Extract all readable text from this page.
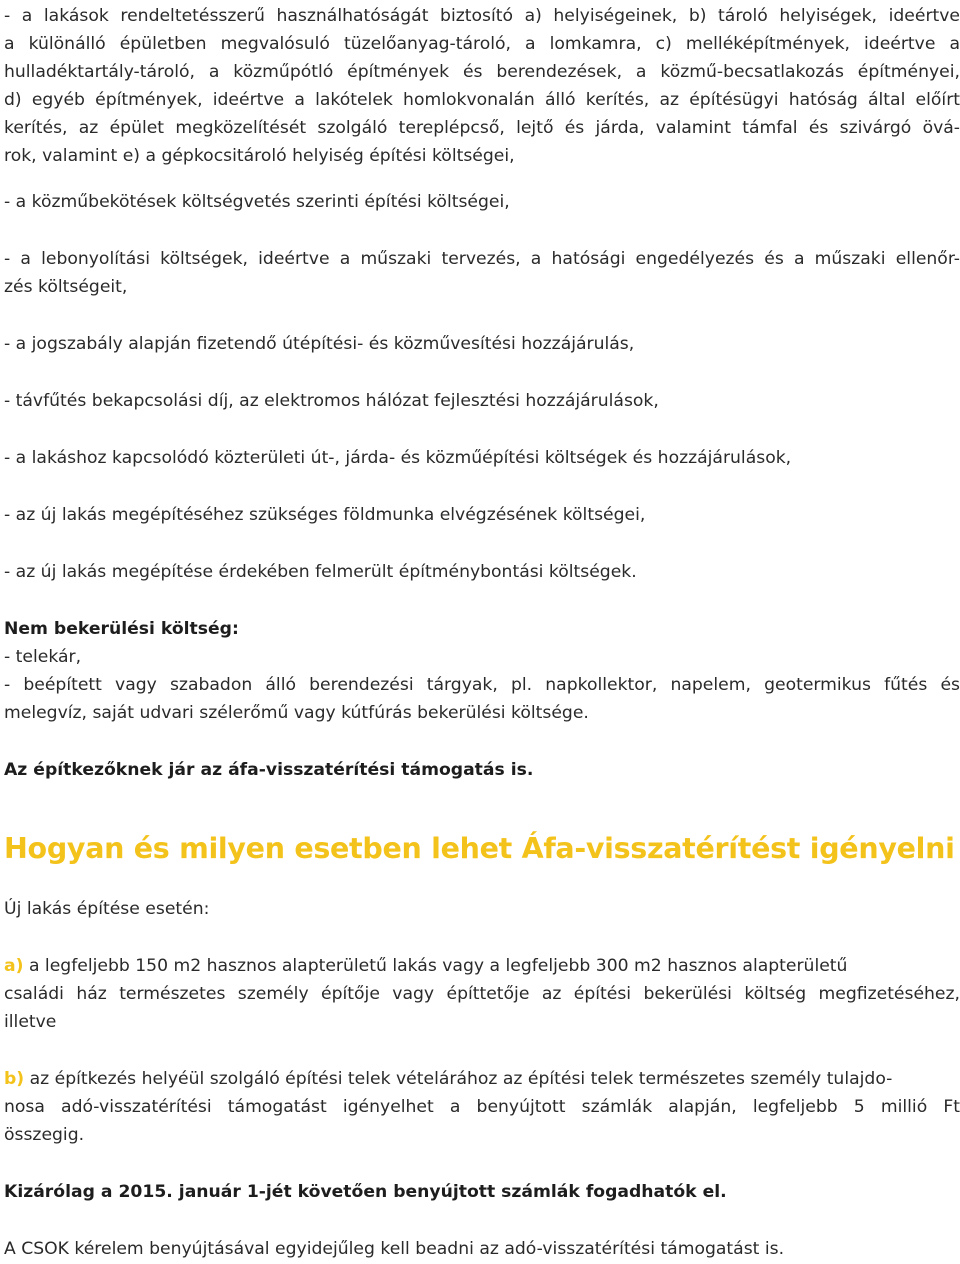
- a lakások rendeltetésszerű használhatóságát biztosító a) helyiségeinek, b) tároló helyiségek, ideértve
a különálló épületben megvalósuló tüzelőanyag-tároló, a lomkamra, c) melléképítmények, ideértve a
hulladéktartály-tároló, a közműpótló építmények és berendezések, a közmű-becsatlakozás építményei,
d) egyéb építmények, ideértve a lakótelek homlokvonalán álló kerítés, az építésügyi hatóság által előírt
kerítés, az épület megközelítését szolgáló tereplépcső, lejtő és járda, valamint támfal és szivárgó övá-
rok, valamint e) a gépkocsitároló helyiség építési költségei,
- a közműbekötések költségvetés szerinti építési költségei,
- a lebonyolítási költségek, ideértve a műszaki tervezés, a hatósági engedélyezés és a műszaki ellenőr-
zés költségeit,
- a jogszabály alapján fizetendő útépítési- és közművesítési hozzájárulás,
- távfűtés bekapcsolási díj, az elektromos hálózat fejlesztési hozzájárulások,
- a lakáshoz kapcsolódó közterületi út-, járda- és közműépítési költségek és hozzájárulások,
- az új lakás megépítéséhez szükséges földmunka elvégzésének költségei,
- az új lakás megépítése érdekében felmerült építménybontási költségek.
Nem bekerülési költség:
- telekár,
- beépített vagy szabadon álló berendezési tárgyak, pl. napkollektor, napelem, geotermikus fűtés és
melegvíz, saját udvari szélerőmű vagy kútfúrás bekerülési költsége.
Az építkezőknek jár az áfa-visszatérítési támogatás is.
Hogyan és milyen esetben lehet Áfa-visszatérítést igényelni
Új lakás építése esetén:
a) a legfeljebb 150 m2 hasznos alapterületű lakás vagy a legfeljebb 300 m2 hasznos alapterületű
családi ház természetes személy építője vagy építtetője az építési bekerülési költség megfizetéséhez,
illetve
b) az építkezés helyéül szolgáló építési telek vételárához az építési telek természetes személy tulajdo-
nosa adó-visszatérítési támogatást igényelhet a benyújtott számlák alapján, legfeljebb 5 millió Ft
összegig.
Kizárólag a 2015. január 1-jét követően benyújtott számlák fogadhatók el.
A CSOK kérelem benyújtásával egyidejűleg kell beadni az adó-visszatérítési támogatást is.
